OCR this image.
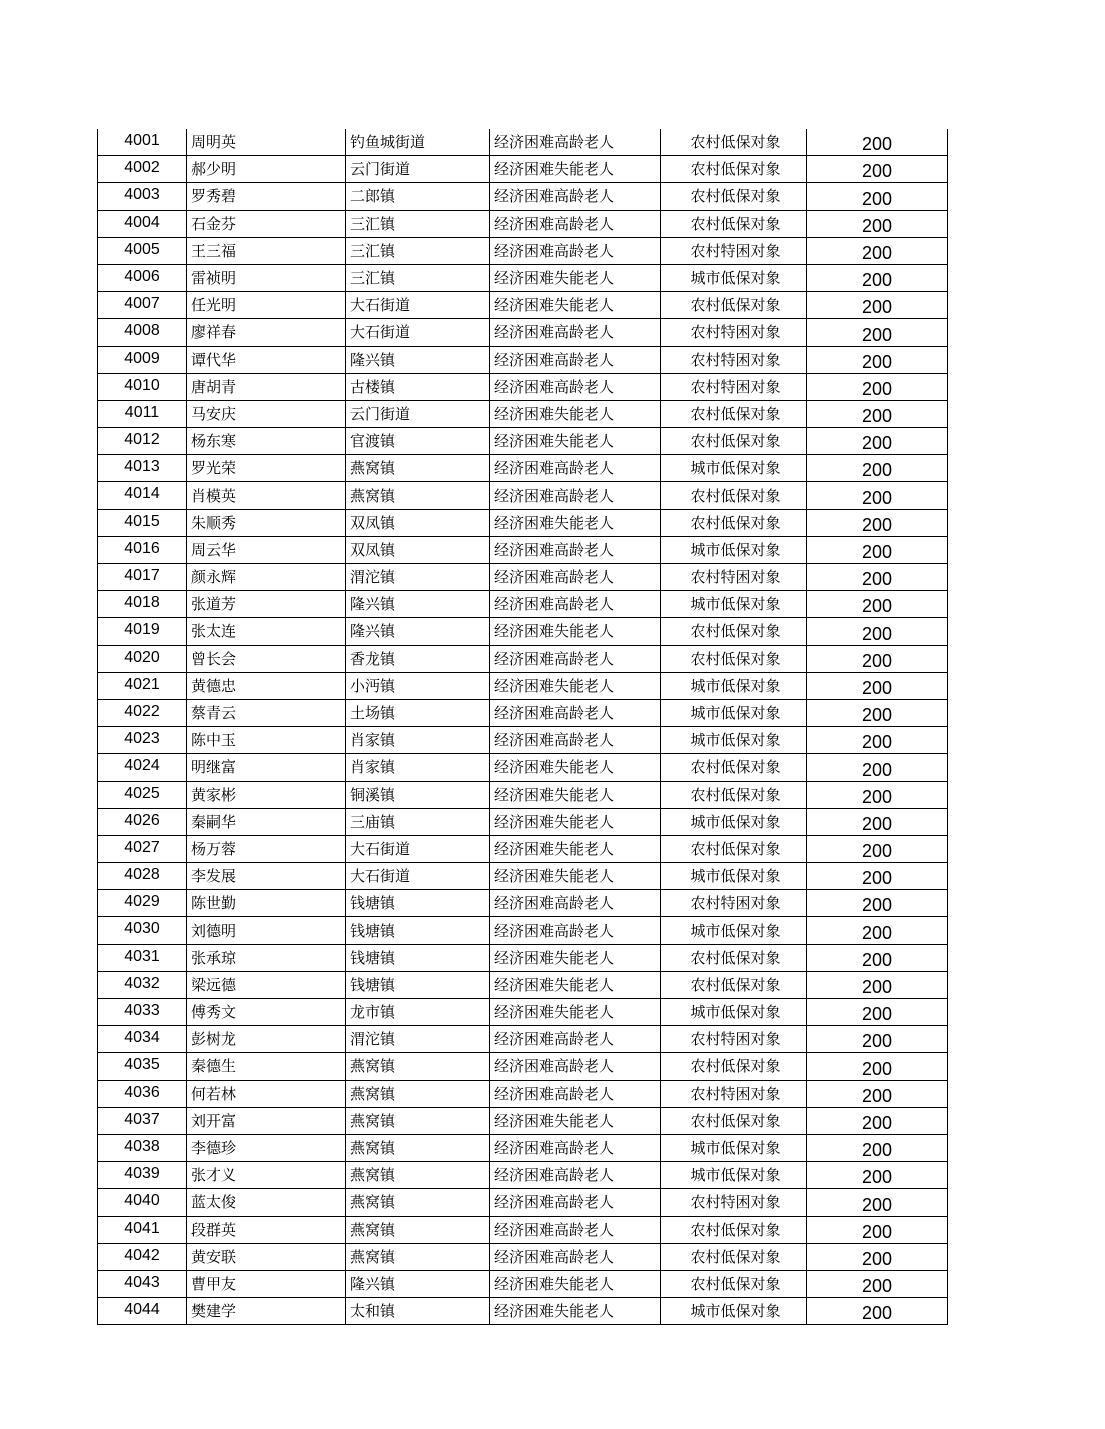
4001	周明英	钓鱼城街道	经济困难高龄老人	农村低保对象	200
4002	郝少明	云门街道	经济困难失能老人	农村低保对象	200
4003	罗秀碧	二郎镇	经济困难高龄老人	农村低保对象	200
4004	石金芬	三汇镇	经济困难高龄老人	农村低保对象	200
4005	王三福	三汇镇	经济困难高龄老人	农村特困对象	200
4006	雷祯明	三汇镇	经济困难失能老人	城市低保对象	200
4007	任光明	大石街道	经济困难失能老人	农村低保对象	200
4008	廖祥春	大石街道	经济困难高龄老人	农村特困对象	200
4009	谭代华	隆兴镇	经济困难高龄老人	农村特困对象	200
4010	唐胡青	古楼镇	经济困难高龄老人	农村特困对象	200
4011	马安庆	云门街道	经济困难失能老人	农村低保对象	200
4012	杨东寒	官渡镇	经济困难失能老人	农村低保对象	200
4013	罗光荣	燕窝镇	经济困难高龄老人	城市低保对象	200
4014	肖模英	燕窝镇	经济困难高龄老人	农村低保对象	200
4015	朱顺秀	双凤镇	经济困难失能老人	农村低保对象	200
4016	周云华	双凤镇	经济困难高龄老人	城市低保对象	200
4017	颜永辉	渭沱镇	经济困难高龄老人	农村特困对象	200
4018	张道芳	隆兴镇	经济困难高龄老人	城市低保对象	200
4019	张太连	隆兴镇	经济困难失能老人	农村低保对象	200
4020	曾长会	香龙镇	经济困难高龄老人	农村低保对象	200
4021	黄德忠	小沔镇	经济困难失能老人	城市低保对象	200
4022	蔡青云	土场镇	经济困难高龄老人	城市低保对象	200
4023	陈中玉	肖家镇	经济困难高龄老人	城市低保对象	200
4024	明继富	肖家镇	经济困难失能老人	农村低保对象	200
4025	黄家彬	铜溪镇	经济困难失能老人	农村低保对象	200
4026	秦嗣华	三庙镇	经济困难失能老人	城市低保对象	200
4027	杨万蓉	大石街道	经济困难失能老人	农村低保对象	200
4028	李发展	大石街道	经济困难失能老人	城市低保对象	200
4029	陈世勤	钱塘镇	经济困难高龄老人	农村特困对象	200
4030	刘德明	钱塘镇	经济困难高龄老人	城市低保对象	200
4031	张承琼	钱塘镇	经济困难失能老人	农村低保对象	200
4032	梁远德	钱塘镇	经济困难失能老人	农村低保对象	200
4033	傅秀文	龙市镇	经济困难失能老人	城市低保对象	200
4034	彭树龙	渭沱镇	经济困难高龄老人	农村特困对象	200
4035	秦德生	燕窝镇	经济困难高龄老人	农村低保对象	200
4036	何若林	燕窝镇	经济困难高龄老人	农村特困对象	200
4037	刘开富	燕窝镇	经济困难失能老人	农村低保对象	200
4038	李德珍	燕窝镇	经济困难高龄老人	城市低保对象	200
4039	张才义	燕窝镇	经济困难高龄老人	城市低保对象	200
4040	蓝太俊	燕窝镇	经济困难高龄老人	农村特困对象	200
4041	段群英	燕窝镇	经济困难高龄老人	农村低保对象	200
4042	黄安联	燕窝镇	经济困难高龄老人	农村低保对象	200
4043	曹甲友	隆兴镇	经济困难失能老人	农村低保对象	200
4044	樊建学	太和镇	经济困难失能老人	城市低保对象	200
